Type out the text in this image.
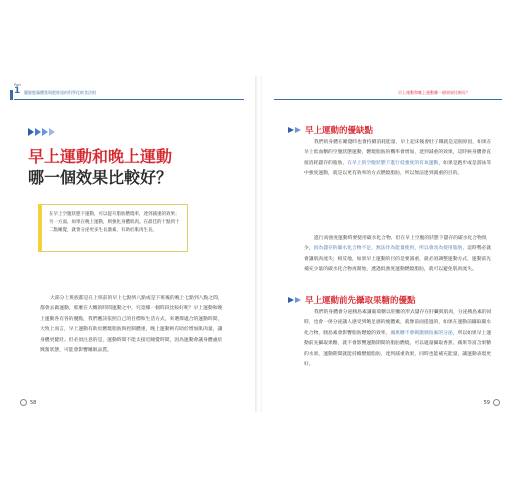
Part
1 擺脫肥滿體質與肥胖遠的科學化飲食法則
早上運動和晚上運動
哪一個效果比較好？
在早上空腹狀態下運動，可以提升脂肪燃燒率，達到減重的效果；另一方面，如果在晚上運動，則強化身體肌肉。在最佳的十點到十二點睡覺，就會分泌更多生長激素，有助於肌肉生長。
大部分上班族都是在上班前的早上七點到八點或是下班後的晚上七點到八點之間，都會去做運動，那麼在大概的時間運動之中，究竟哪一個時段比較好呢？早上運動和晚上運動各有各的優點，我們應該依照自己的目標和生活方式，來選擇適合的運動時間，大致上而言，早上運動有助於燃燒脂肪與控制體重，晚上運動則有助於增加肌肉量，讓身體更健壯。但必須注意的是，運動時間不能太接近睡覺時間，因為運動會讓身體處於興奮狀態，可能會影響睡眠品質。
58
早上運動和晚上運動哪一個效果比較好？
早上運動的優缺點

我們的身體在睡覺時也會持續消耗能量，早上起床後會肚子餓就是這個原因，如果在早上低血糖的空腹狀態運動，燃燒脂肪的機率會增加，達到減重的效果，這時候身體會直接消耗儲存的脂肪，在早上的空腹狀態下進行低強度的有氧運動，如果是跑步或是游泳等中強度運動，就是以更有效率的方式燃燒脂肪，所以無法達到減重的目的。

進行高強度運動時要使用碳水化合物，但在早上空腹的狀態下儲存的碳水化合物很少，因為儲存的碳水化合物不足，無法作為能量使用，所以會改為使用脂肪，這時勢必就會讓肌肉流失；相反地，如果早上運動的目的是要減重，就必須調整運動方式，運動前先補充少量的碳水化合物再開始，透過低強度運動燃燒脂肪，就可以避免肌肉流失。

早上運動前先攝取果糖的優點

我們的身體會分泌胰島素讓葡萄糖以肝醣的形式儲存在肝臟與肌肉，分泌胰島素的同時，也會一併分泌讓人感受到飽足感的瘦體素，就像前面提過的，如果在運動前攝取碳水化合物，胰島素會影響脂肪燃燒的效率，而果糖不會刺激胰島素的分泌，所以如果早上運動前先攝取果糖，就不會影響運動期間的脂肪燃燒，可以適量攝取香蕉、蘋果等富含果糖的水果，運動期間就能持續燃燒脂肪，達到減重效果，同時也能補充能量，讓運動表現更好。

59
